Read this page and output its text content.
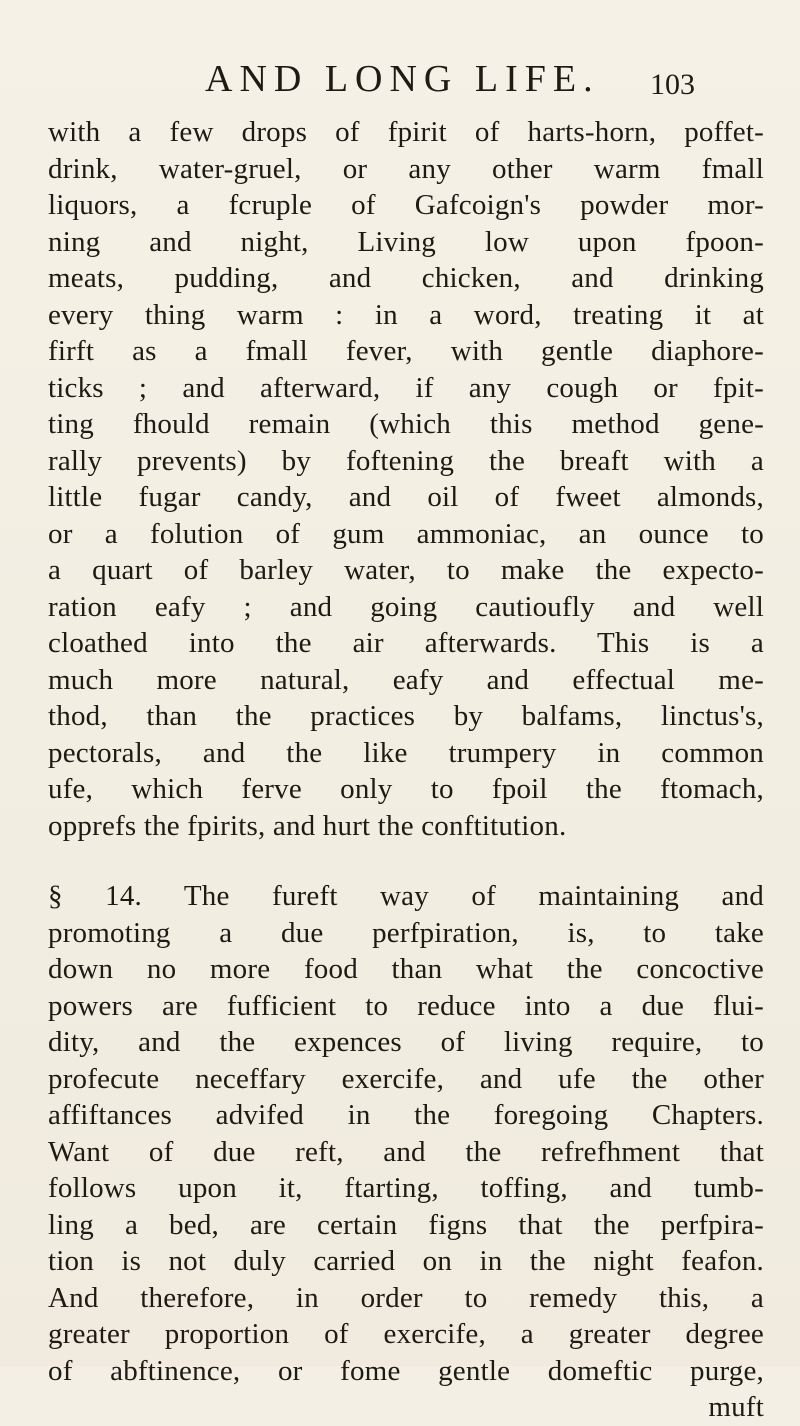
AND LONG LIFE. 103
with a few drops of fpirit of harts-horn, poffet-
drink, water-gruel, or any other warm fmall
liquors, a fcruple of Gafcoign's powder mor-
ning and night, Living low upon fpoon-
meats, pudding, and chicken, and drinking
every thing warm : in a word, treating it at
firft as a fmall fever, with gentle diaphore-
ticks ; and afterward, if any cough or fpit-
ting fhould remain (which this method gene-
rally prevents) by foftening the breaft with a
little fugar candy, and oil of fweet almonds,
or a folution of gum ammoniac, an ounce to
a quart of barley water, to make the expecto-
ration eafy ; and going cautioufly and well
cloathed into the air afterwards. This is a
much more natural, eafy and effectual me-
thod, than the practices by balfams, linctus's,
pectorals, and the like trumpery in common
ufe, which ferve only to fpoil the ftomach,
opprefs the fpirits, and hurt the conftitution.
§ 14. The fureft way of maintaining and
promoting a due perfpiration, is, to take
down no more food than what the concoctive
powers are fufficient to reduce into a due flui-
dity, and the expences of living require, to
profecute neceffary exercife, and ufe the other
affiftances advifed in the foregoing Chapters.
Want of due reft, and the refrefhment that
follows upon it, ftarting, toffing, and tumb-
ling a bed, are certain figns that the perfpira-
tion is not duly carried on in the night feafon.
And therefore, in order to remedy this, a
greater proportion of exercife, a greater degree
of abftinence, or fome gentle domeftic purge,
muft
